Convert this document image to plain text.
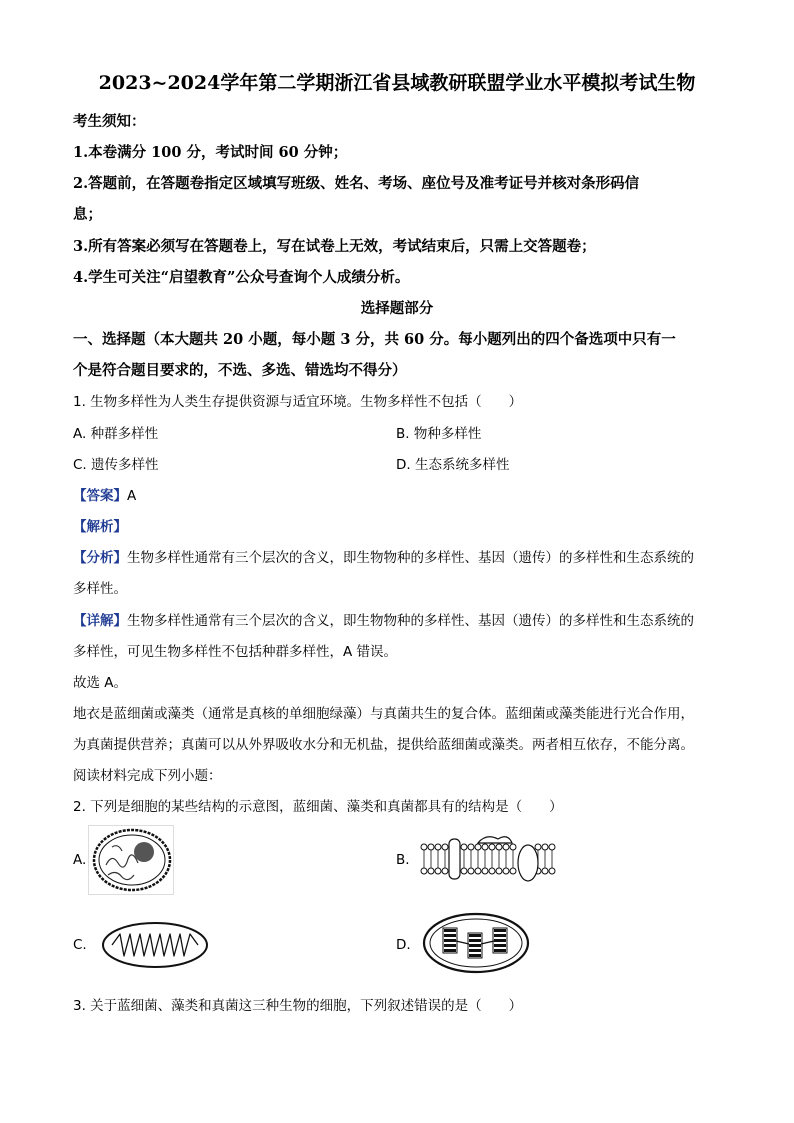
2023~2024学年第二学期浙江省县域教研联盟学业水平模拟考试生物
考生须知：
1.本卷满分 100 分，考试时间 60 分钟；
2.答题前，在答题卷指定区域填写班级、姓名、考场、座位号及准考证号并核对条形码信
息；
3.所有答案必须写在答题卷上，写在试卷上无效，考试结束后，只需上交答题卷；
4.学生可关注“启望教育”公众号查询个人成绩分析。
选择题部分
一、选择题（本大题共 20 小题，每小题 3 分，共 60 分。每小题列出的四个备选项中只有一
个是符合题目要求的，不选、多选、错选均不得分）
1. 生物多样性为人类生存提供资源与适宜环境。生物多样性不包括（　　）
A. 种群多样性	B. 物种多样性
C. 遗传多样性	D. 生态系统多样性
【答案】A
【解析】
【分析】生物多样性通常有三个层次的含义，即生物物种的多样性、基因（遗传）的多样性和生态系统的
多样性。
【详解】生物多样性通常有三个层次的含义，即生物物种的多样性、基因（遗传）的多样性和生态系统的
多样性，可见生物多样性不包括种群多样性，A 错误。
故选 A。
地衣是蓝细菌或藻类（通常是真核的单细胞绿藻）与真菌共生的复合体。蓝细菌或藻类能进行光合作用，
为真菌提供营养；真菌可以从外界吸收水分和无机盐，提供给蓝细菌或藻类。两者相互依存，不能分离。
阅读材料完成下列小题：
2. 下列是细胞的某些结构的示意图，蓝细菌、藻类和真菌都具有的结构是（　　）
A.	B.
C.	D.
3. 关于蓝细菌、藻类和真菌这三种生物的细胞，下列叙述错误的是（　　）
